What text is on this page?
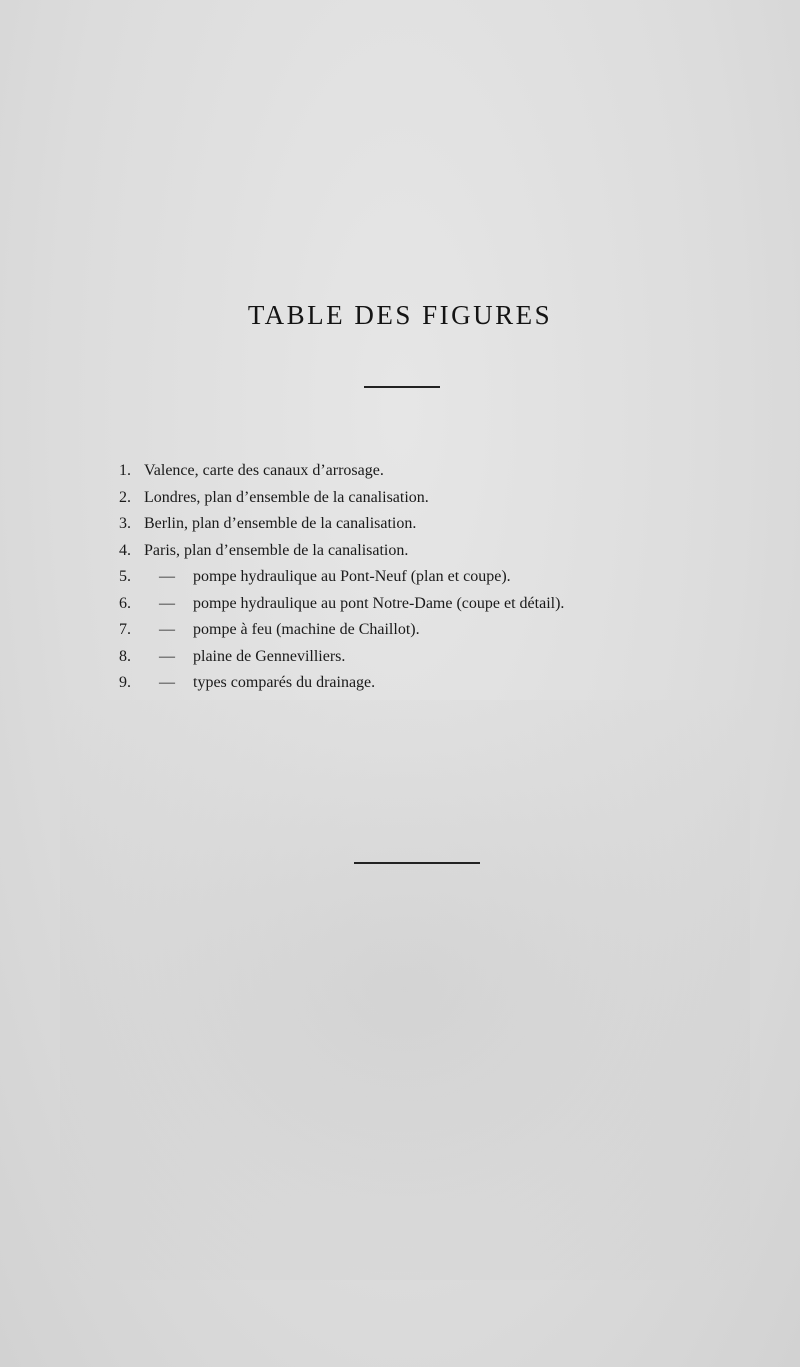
TABLE DES FIGURES
1. Valence, carte des canaux d’arrosage.
2. Londres, plan d’ensemble de la canalisation.
3. Berlin, plan d’ensemble de la canalisation.
4. Paris, plan d’ensemble de la canalisation.
5.	— pompe hydraulique au Pont-Neuf (plan et coupe).
6.	— pompe hydraulique au pont Notre-Dame (coupe et détail).
7.	— pompe à feu (machine de Chaillot).
8.	— plaine de Gennevilliers.
9.	— types comparés du drainage.
